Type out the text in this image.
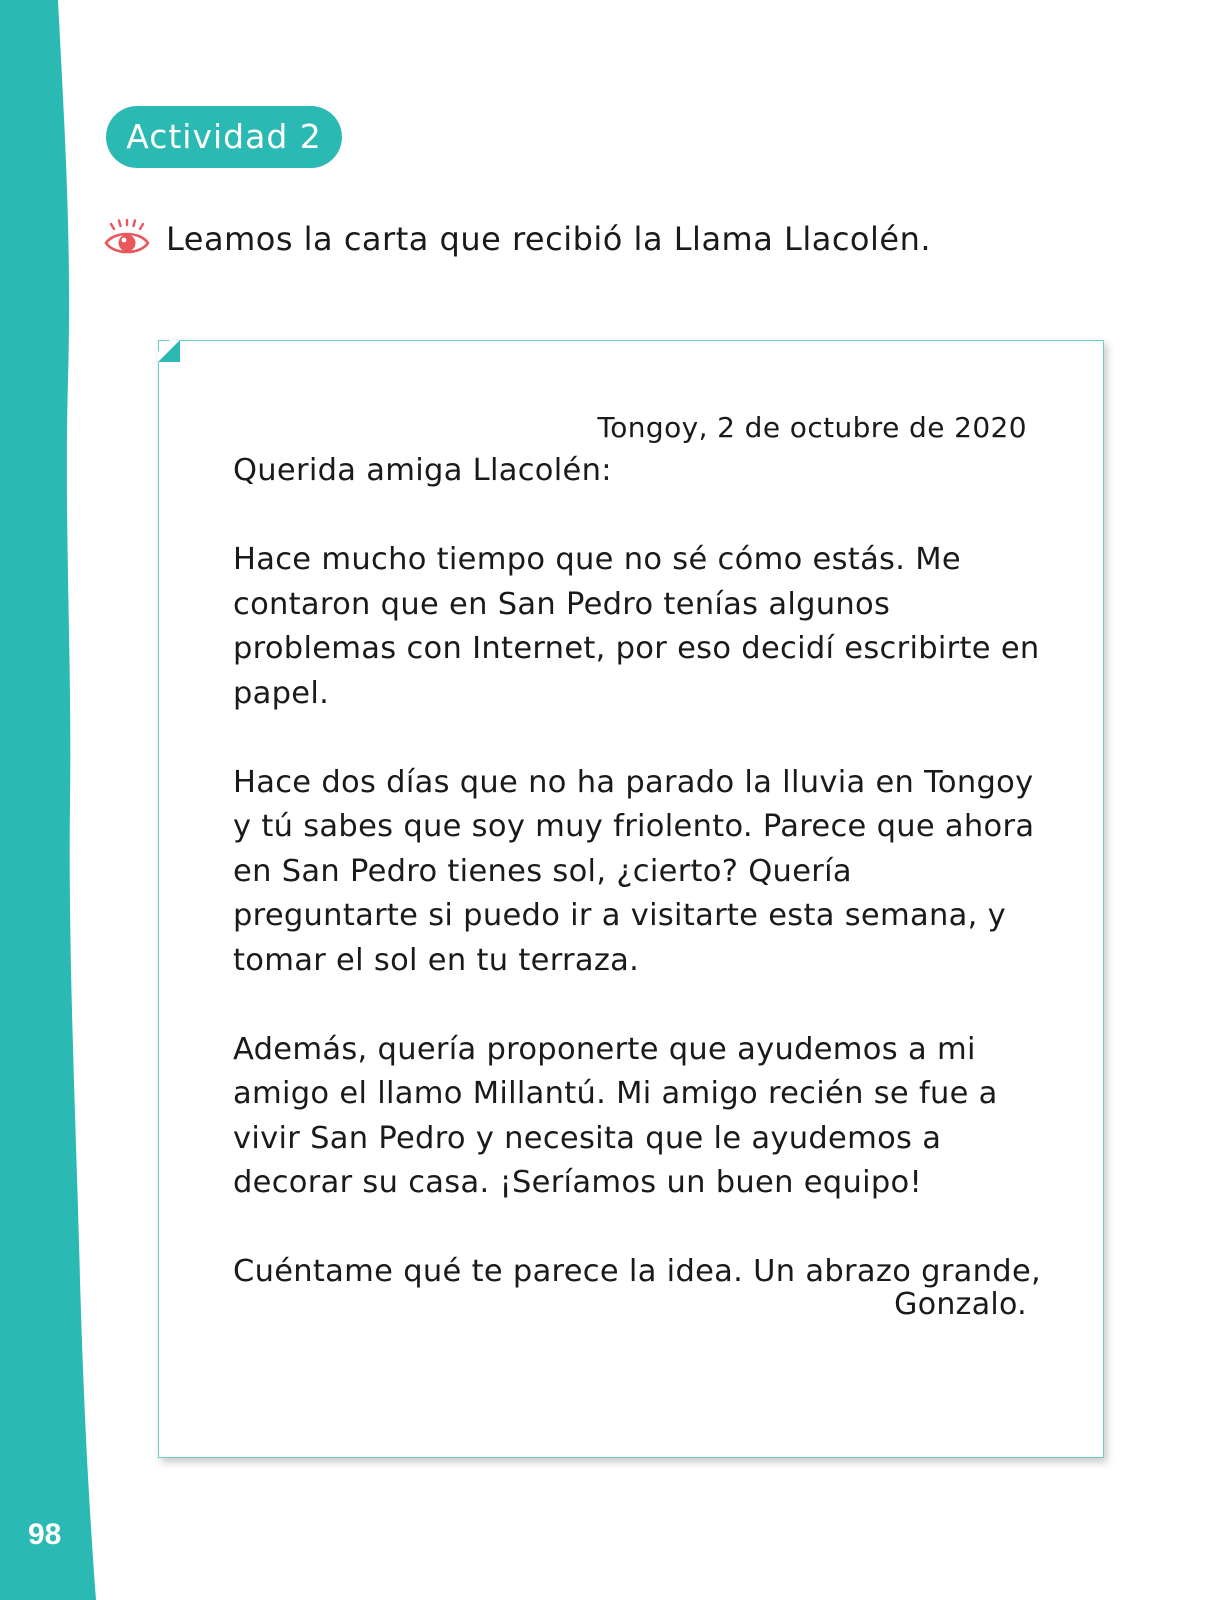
98
Actividad 2
Leamos la carta que recibió la Llama Llacolén.
Tongoy, 2 de octubre de 2020

Querida amiga Llacolén:

Hace mucho tiempo que no sé cómo estás. Me contaron que en San Pedro tenías algunos problemas con Internet, por eso decidí escribirte en papel.

Hace dos días que no ha parado la lluvia en Tongoy y tú sabes que soy muy friolento. Parece que ahora en San Pedro tienes sol, ¿cierto? Quería preguntarte si puedo ir a visitarte esta semana, y tomar el sol en tu terraza.

Además, quería proponerte que ayudemos a mi amigo el llamo Millantú. Mi amigo recién se fue a vivir San Pedro y necesita que le ayudemos a decorar su casa. ¡Seríamos un buen equipo!

Cuéntame qué te parece la idea. Un abrazo grande,

Gonzalo.
